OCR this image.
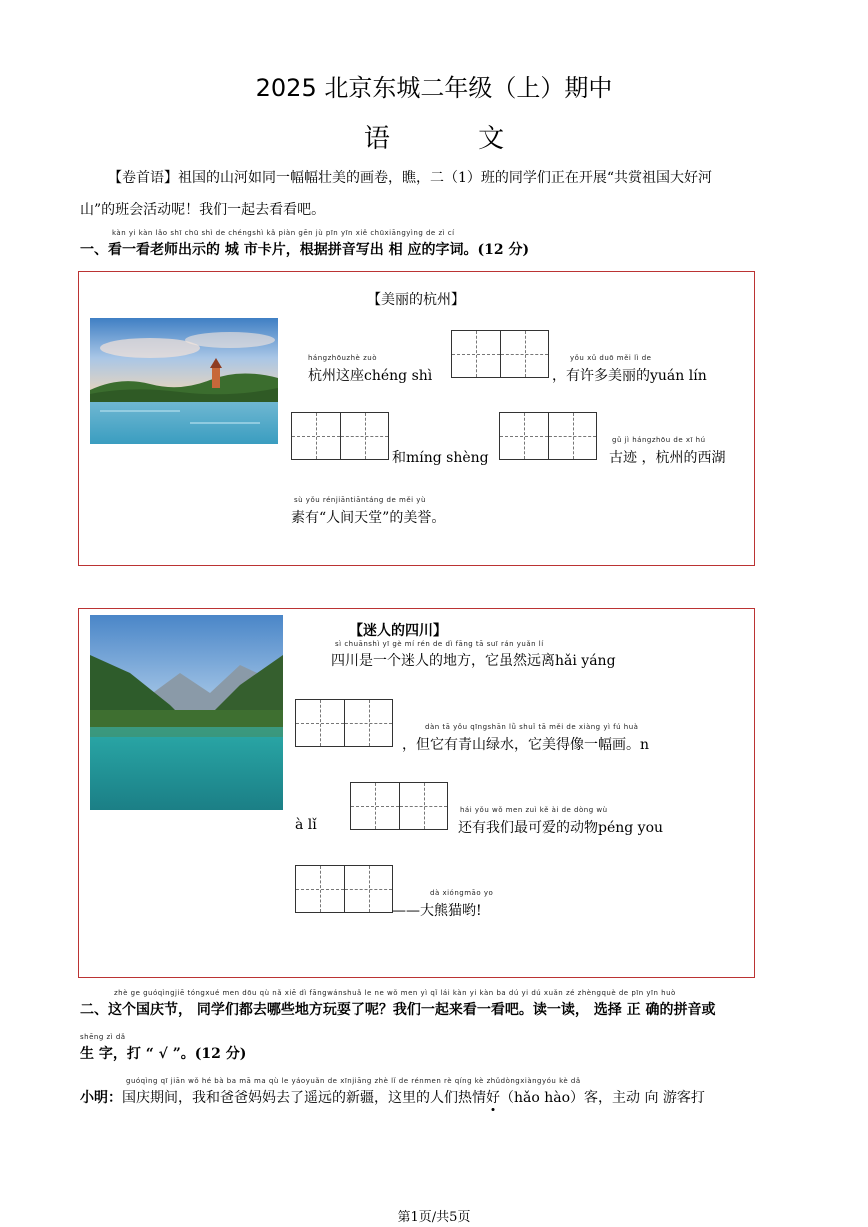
2025 北京东城二年级（上）期中
语 文
【卷首语】祖国的山河如同一幅幅壮美的画卷，瞧，二（1）班的同学们正在开展“共赏祖国大好河
山”的班会活动呢！我们一起去看看吧。
kàn yi kàn lǎo shī chū shì de chéngshì kǎ piàn gēn jù pīn yīn xiě chūxiāngyìng de zì cí
一、看一看老师出示的 城 市卡片，根据拼音写出 相 应的字词。(12 分)
【美丽的杭州】
hángzhōuzhè zuò
杭州这座chéng shì
yǒu xǔ duō měi lì de
，有许多美丽的yuán lín
和míng shèng
gǔ jì hángzhōu de xī hú
古迹 ，杭州的西湖
sù yǒu rénjiāntiāntáng de měi yù
素有“人间天堂”的美誉。
【迷人的四川】
sì chuānshì yī gè mí rén de dì fāng tā suī rán yuǎn lí
四川是一个迷人的地方，它虽然远离hǎi yáng
dàn tā yǒu qīngshān lǜ shuǐ tā měi de xiàng yì fú huà
，但它有青山绿水，它美得像一幅画。n
à lǐ
hái yǒu wǒ men zuì kě ài de dòng wù
还有我们最可爱的动物péng you
dà xióngmāo yo
——大熊猫哟!
zhè ge guóqìngjiē tóngxué men dōu qù nǎ xiē dì fāngwánshuǎ le ne wǒ men yì qǐ lái kàn yi kàn ba dú yi dú xuǎn zé zhèngquè de pīn yīn huò
二、这个国庆节， 同学们都去哪些地方玩耍了呢？我们一起来看一看吧。读一读， 选择 正 确的拼音或
shēng zì dǎ
生 字，打 “ √ ”。(12 分)
guóqìng qī jiān wǒ hé bà ba mā ma qù le yáoyuǎn de xīnjiāng zhè lǐ de rénmen rè qíng kè zhǔdòngxiàngyóu kè dǎ
小明：国庆期间，我和爸爸妈妈去了遥远的新疆，这里的人们热情好（hǎo hào）客，主动 向 游客打
第1页/共5页
